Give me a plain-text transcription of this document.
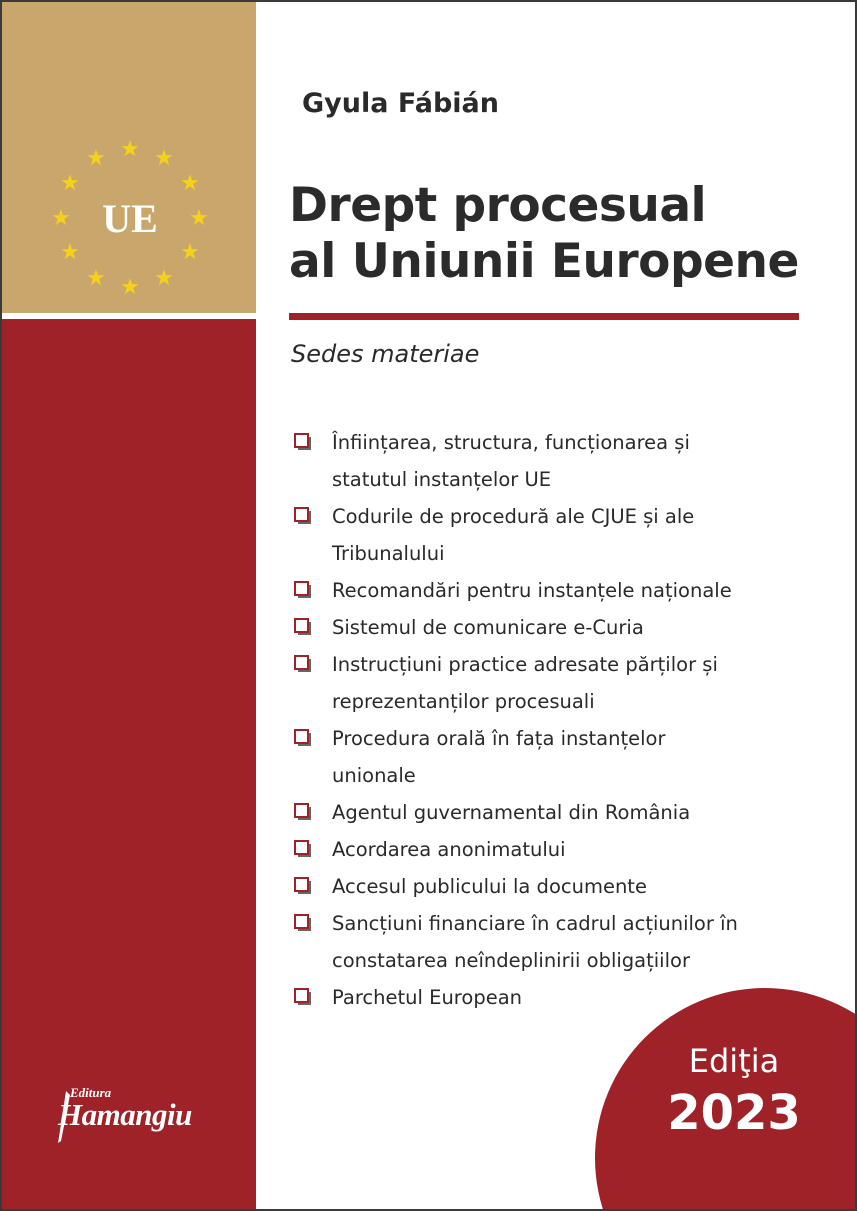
★ ★
★
★
★
★
★
★
★
★
★
★
UE
Gyula Fábián
Drept procesual
al Uniunii Europene
Sedes materiae
Înființarea, structura, funcționarea și
statutul instanțelor UE
Codurile de procedură ale CJUE și ale
Tribunalului
Recomandări pentru instanțele naționale
Sistemul de comunicare e-Curia
Instrucțiuni practice adresate părților și
reprezentanților procesuali
Procedura orală în fața instanțelor
unionale
Agentul guvernamental din România
Acordarea anonimatului
Accesul publicului la documente
Sancțiuni financiare în cadrul acțiunilor în
constatarea neîndeplinirii obligațiilor
Parchetul European
Ediţia
2023
Editura
Hamangiu
